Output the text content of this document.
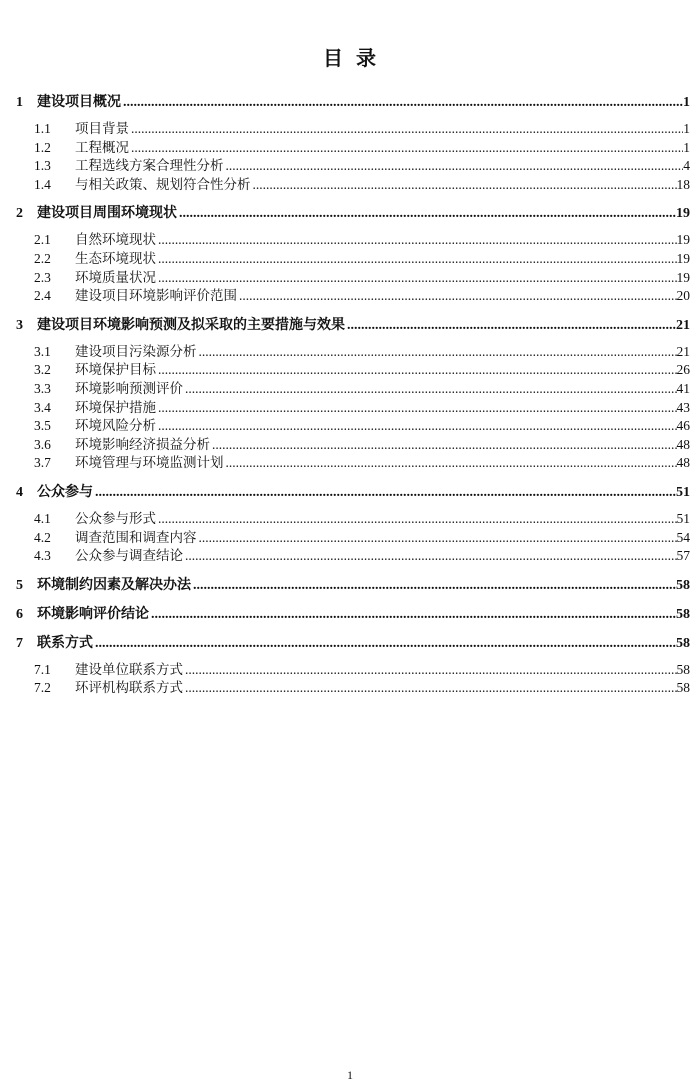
目  录
1	建设项目概况 .....	1
1.1	项目背景 .....	1
1.2	工程概况 .....	1
1.3	工程选线方案合理性分析 .....	4
1.4	与相关政策、规划符合性分析 .....	18
2	建设项目周围环境现状 .....	19
2.1	自然环境现状 .....	19
2.2	生态环境现状 .....	19
2.3	环境质量状况 .....	19
2.4	建设项目环境影响评价范围 .....	20
3	建设项目环境影响预测及拟采取的主要措施与效果 .....	21
3.1	建设项目污染源分析 .....	21
3.2	环境保护目标 .....	26
3.3	环境影响预测评价 .....	41
3.4	环境保护措施 .....	43
3.5	环境风险分析 .....	46
3.6	环境影响经济损益分析 .....	48
3.7	环境管理与环境监测计划 .....	48
4	公众参与 .....	51
4.1	公众参与形式 .....	51
4.2	调查范围和调查内容 .....	54
4.3	公众参与调查结论 .....	57
5	环境制约因素及解决办法 .....	58
6	环境影响评价结论 .....	58
7	联系方式 .....	58
7.1	建设单位联系方式 .....	58
7.2	环评机构联系方式 .....	58
1
